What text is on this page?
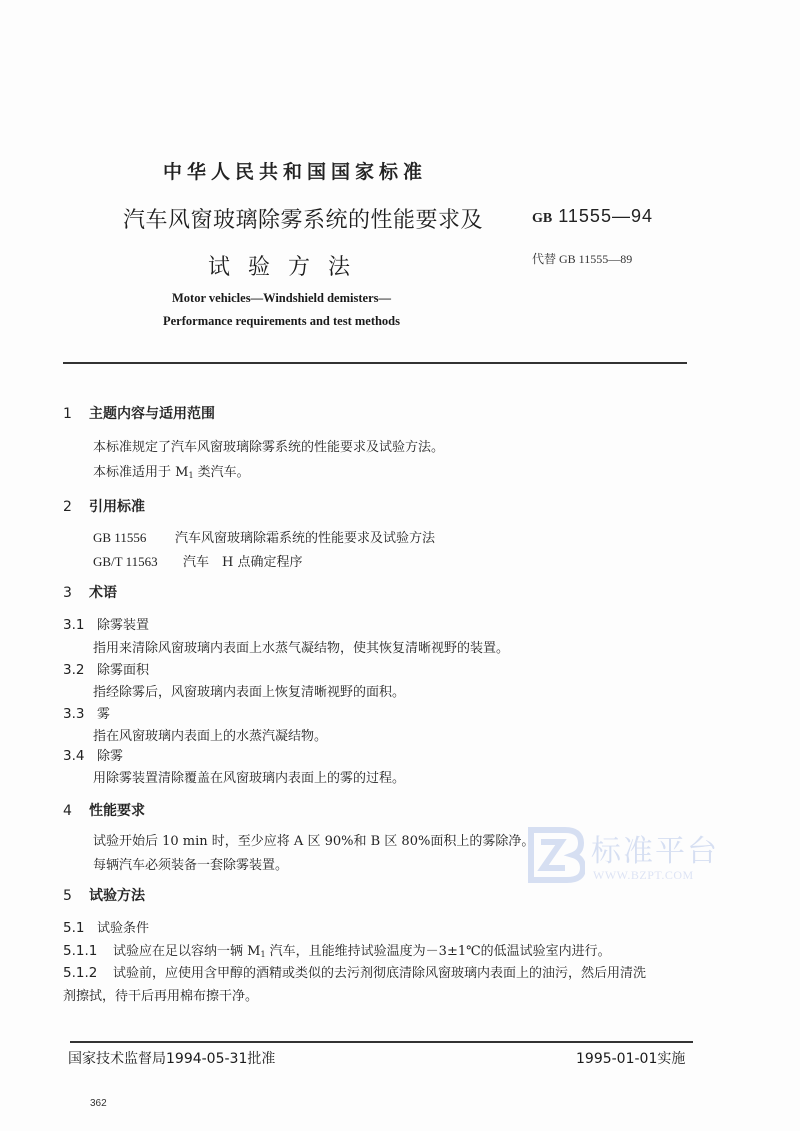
中华人民共和国国家标准
汽车风窗玻璃除雾系统的性能要求及
试验方法
GB 11555—94
代替 GB 11555—89
Motor vehicles—Windshield demisters—
Performance requirements and test methods
1 主题内容与适用范围
本标准规定了汽车风窗玻璃除雾系统的性能要求及试验方法。
本标准适用于 $M_1$ 类汽车。
2 引用标准
GB 11556 汽车风窗玻璃除霜系统的性能要求及试验方法
GB/T 11563 汽车　H 点确定程序
3 术语
3.1 除雾装置
指用来清除风窗玻璃内表面上水蒸气凝结物，使其恢复清晰视野的装置。
3.2 除雾面积
指经除雾后，风窗玻璃内表面上恢复清晰视野的面积。
3.3 雾
指在风窗玻璃内表面上的水蒸汽凝结物。
3.4 除雾
用除雾装置清除覆盖在风窗玻璃内表面上的雾的过程。
4 性能要求
试验开始后 10 min 时，至少应将 A 区 90%和 B 区 80%面积上的雾除净。
每辆汽车必须装备一套除雾装置。	标准平台
WWW.BZPT.COM
5 试验方法
5.1 试验条件
5.1.1 试验应在足以容纳一辆 $M_1$ 汽车，且能维持试验温度为－3±1℃的低温试验室内进行。
5.1.2 试验前，应使用含甲醇的酒精或类似的去污剂彻底清除风窗玻璃内表面上的油污，然后用清洗
剂擦拭，待干后再用棉布擦干净。
国家技术监督局1994-05-31批准	1995-01-01实施
362
